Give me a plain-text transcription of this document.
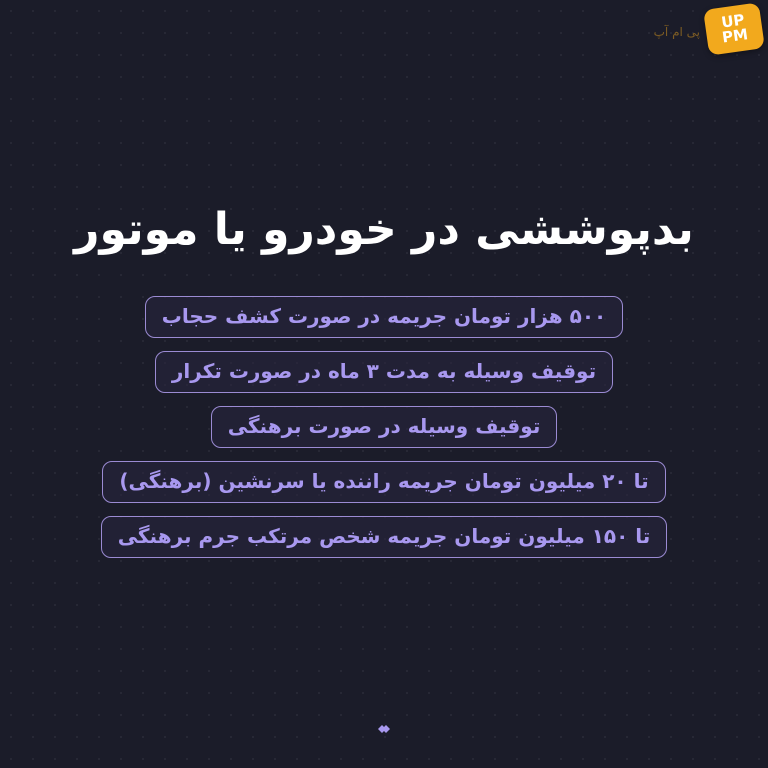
UP
PM
پی ام آپ
بدپوششی در خودرو یا موتور
۵۰۰ هزار تومان جریمه در صورت کشف حجاب
توقیف وسیله به مدت ۳ ماه در صورت تکرار
توقیف وسیله در صورت برهنگی
تا ۲۰ میلیون تومان جریمه راننده یا سرنشین (برهنگی)
تا ۱۵۰ میلیون تومان جریمه شخص مرتکب جرم برهنگی
